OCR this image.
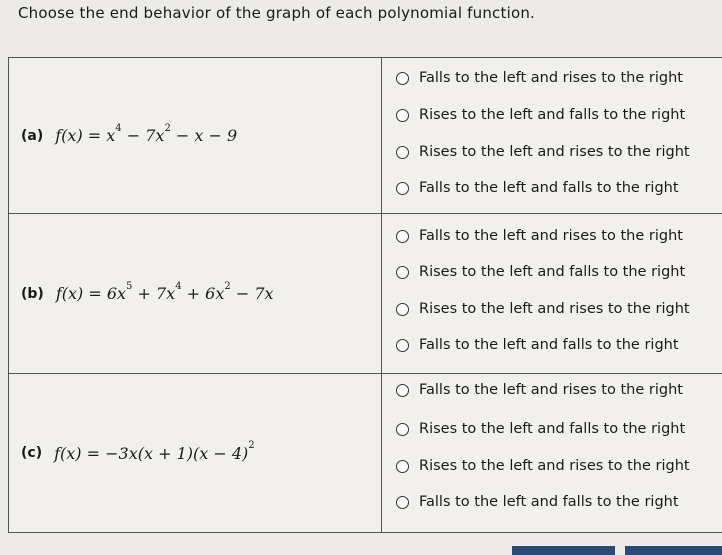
Choose the end behavior of the graph of each polynomial function.
(a) $f(x) = x^4 - 7x^2 - x - 9$
Falls to the left and rises to the right
Rises to the left and falls to the right
Rises to the left and rises to the right
Falls to the left and falls to the right
(b) $f(x) = 6x^5 + 7x^4 + 6x^2 - 7x$
Falls to the left and rises to the right
Rises to the left and falls to the right
Rises to the left and rises to the right
Falls to the left and falls to the right
(c) $f(x) = -3x(x + 1)(x - 4)^2$
Falls to the left and rises to the right
Rises to the left and falls to the right
Rises to the left and rises to the right
Falls to the left and falls to the right
